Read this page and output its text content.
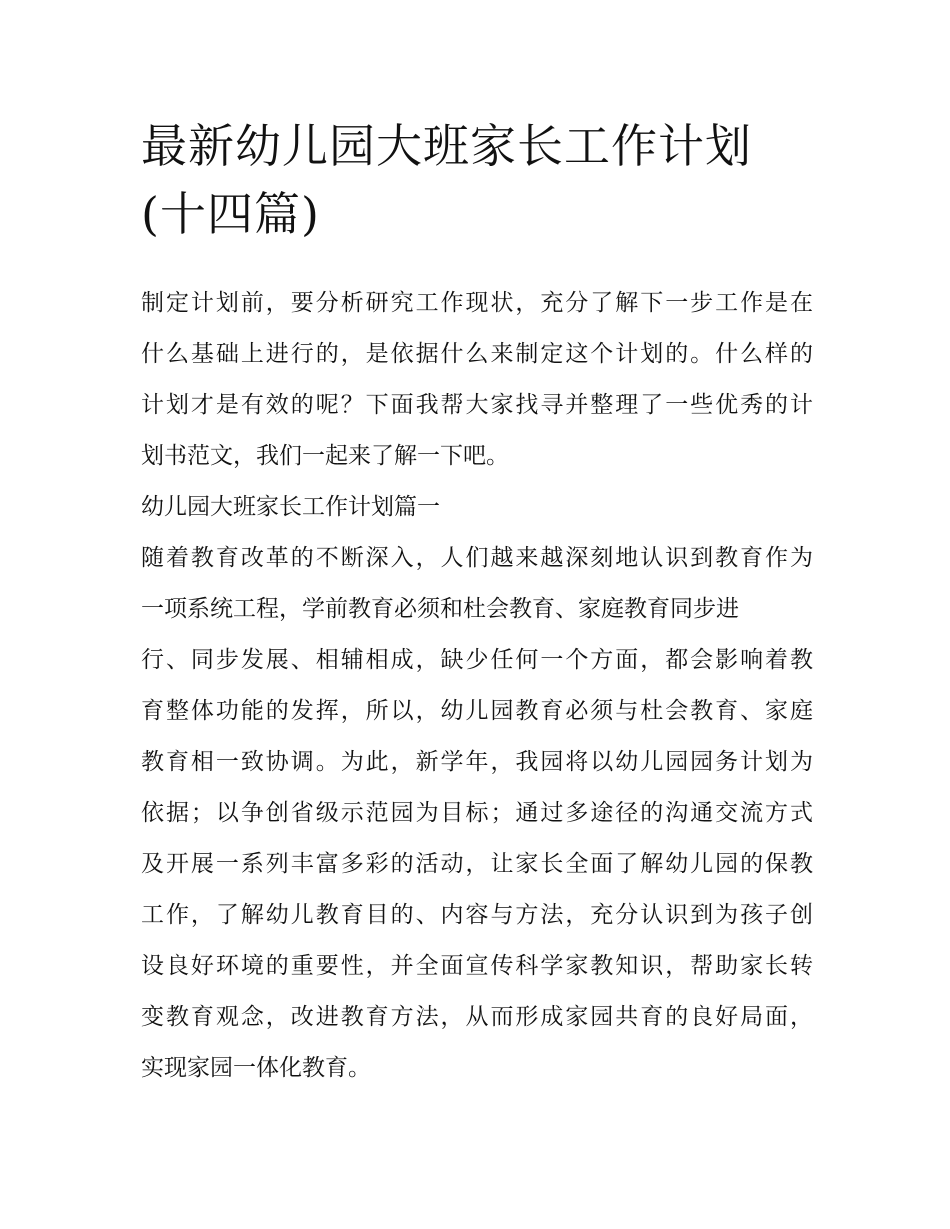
最新幼儿园大班家长工作计划
(十四篇)
制定计划前，要分析研究工作现状，充分了解下一步工作是在
什么基础上进行的，是依据什么来制定这个计划的。什么样的
计划才是有效的呢？下面我帮大家找寻并整理了一些优秀的计
划书范文，我们一起来了解一下吧。
幼儿园大班家长工作计划篇一
随着教育改革的不断深入，人们越来越深刻地认识到教育作为
一项系统工程，学前教育必须和杜会教育、家庭教育同步进
行、同步发展、相辅相成，缺少任何一个方面，都会影响着教
育整体功能的发挥，所以，幼儿园教育必须与杜会教育、家庭
教育相一致协调。为此，新学年，我园将以幼儿园园务计划为
依据；以争创省级示范园为目标；通过多途径的沟通交流方式
及开展一系列丰富多彩的活动，让家长全面了解幼儿园的保教
工作，了解幼儿教育目的、内容与方法，充分认识到为孩子创
设良好环境的重要性，并全面宣传科学家教知识，帮助家长转
变教育观念，改进教育方法，从而形成家园共育的良好局面，
实现家园一体化教育。
